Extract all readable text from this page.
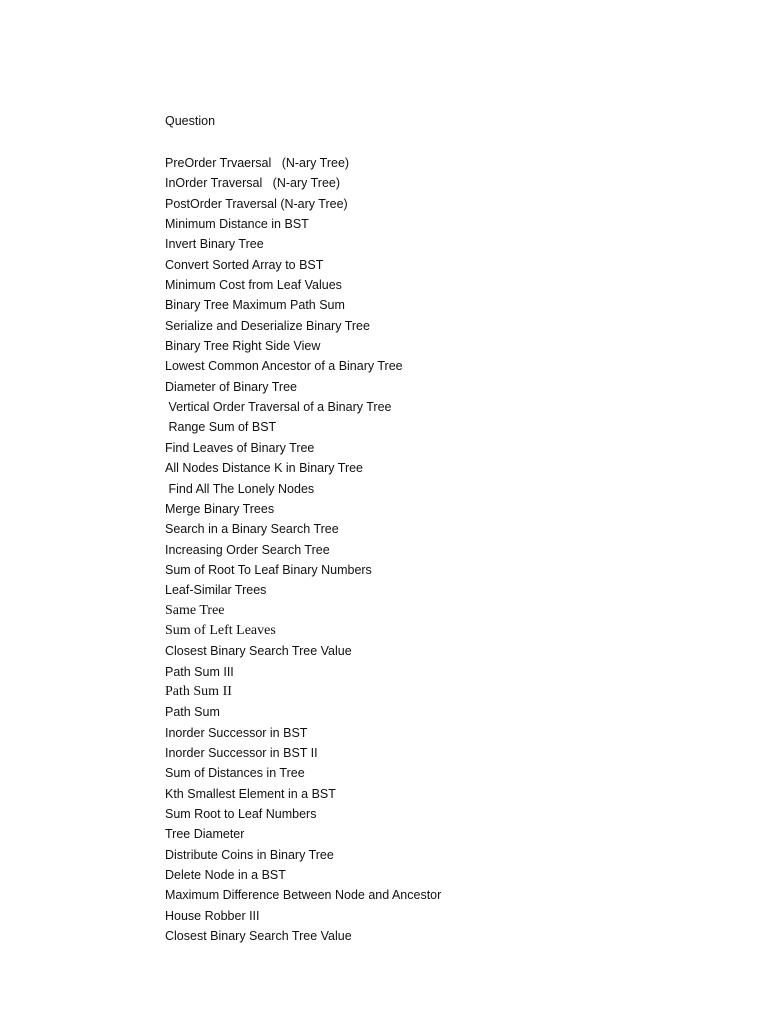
Question
PreOrder Trvaersal   (N-ary Tree)
InOrder Traversal   (N-ary Tree)
PostOrder Traversal (N-ary Tree)
Minimum Distance in BST
Invert Binary Tree
Convert Sorted Array to BST
Minimum Cost from Leaf Values
Binary Tree Maximum Path Sum
Serialize and Deserialize Binary Tree
Binary Tree Right Side View
Lowest Common Ancestor of a Binary Tree
Diameter of Binary Tree
Vertical Order Traversal of a Binary Tree
Range Sum of BST
Find Leaves of Binary Tree
All Nodes Distance K in Binary Tree
Find All The Lonely Nodes
Merge Binary Trees
Search in a Binary Search Tree
Increasing Order Search Tree
Sum of Root To Leaf Binary Numbers
Leaf-Similar Trees
Same Tree
Sum of Left Leaves
Closest Binary Search Tree Value
Path Sum III
Path Sum II
Path Sum
Inorder Successor in BST
Inorder Successor in BST II
Sum of Distances in Tree
Kth Smallest Element in a BST
Sum Root to Leaf Numbers
Tree Diameter
Distribute Coins in Binary Tree
Delete Node in a BST
Maximum Difference Between Node and Ancestor
House Robber III
Closest Binary Search Tree Value
